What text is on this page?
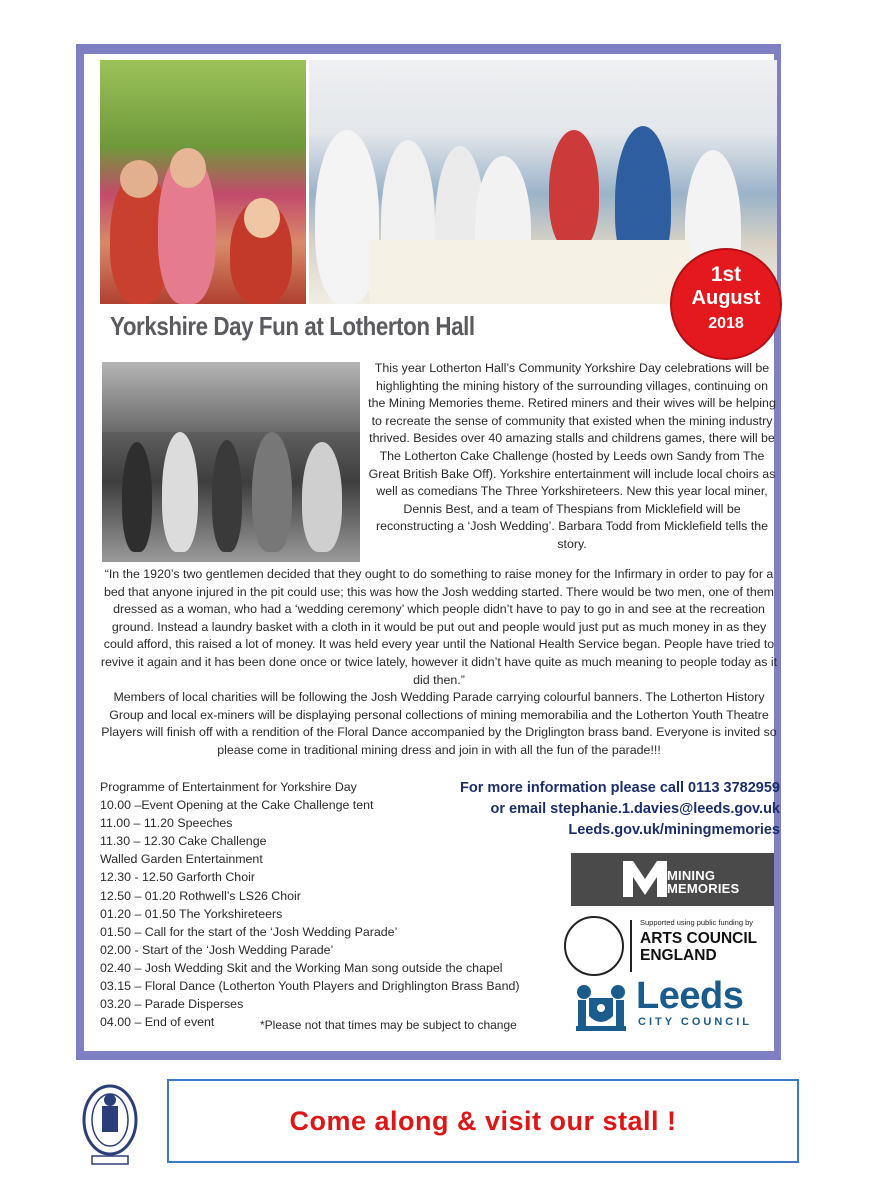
1st
August
2018
Yorkshire Day Fun at Lotherton Hall
This year Lotherton Hall’s Community Yorkshire Day celebrations will be highlighting the mining history of the surrounding villages, continuing on the Mining Memories theme. Retired miners and their wives will be helping to recreate the sense of community that existed when the mining industry thrived. Besides over 40 amazing stalls and childrens games, there will be The Lotherton Cake Challenge (hosted by Leeds own Sandy from The Great British Bake Off). Yorkshire entertainment will include local choirs as well as comedians The Three Yorkshireteers. New this year local miner, Dennis Best, and a team of Thespians from Micklefield will be reconstructing a ‘Josh Wedding’. Barbara Todd from Micklefield tells the story.
“In the 1920’s two gentlemen decided that they ought to do something to raise money for the Infirmary in order to pay for a bed that anyone injured in the pit could use; this was how the Josh wedding started. There would be two men, one of them dressed as a woman, who had a ‘wedding ceremony’ which people didn’t have to pay to go in and see at the recreation ground. Instead a laundry basket with a cloth in it would be put out and people would just put as much money in as they could afford, this raised a lot of money. It was held every year until the National Health Service began. People have tried to revive it again and it has been done once or twice lately, however it didn’t have quite as much meaning to people today as it did then.”
Members of local charities will be following the Josh Wedding Parade carrying colourful banners. The Lotherton History Group and local ex-miners will be displaying personal collections of mining memorabilia and the Lotherton Youth Theatre Players will finish off with a rendition of the Floral Dance accompanied by the Driglington brass band. Everyone is invited so please come in traditional mining dress and join in with all the fun of the parade!!!
Programme of Entertainment for Yorkshire Day
10.00 –Event Opening at the Cake Challenge tent
11.00 – 11.20 Speeches
11.30 – 12.30 Cake Challenge
Walled Garden Entertainment
12.30 - 12.50 Garforth Choir
12.50 – 01.20 Rothwell’s LS26 Choir
01.20 – 01.50 The Yorkshireteers
01.50 – Call for the start of the ‘Josh Wedding Parade’
02.00 - Start of the ‘Josh Wedding Parade’
02.40 – Josh Wedding Skit and the Working Man song outside the chapel
03.15 – Floral Dance (Lotherton Youth Players and Drighlington Brass Band)
03.20 – Parade Disperses
04.00 – End of event	*Please not that times may be subject to change
For more information please call 0113 3782959
or email stephanie.1.davies@leeds.gov.uk
Leeds.gov.uk/miningmemories
MINING
MEMORIES
Supported using public funding by
ARTS COUNCIL
ENGLAND
Leeds
CITY COUNCIL
Come along & visit our stall !
